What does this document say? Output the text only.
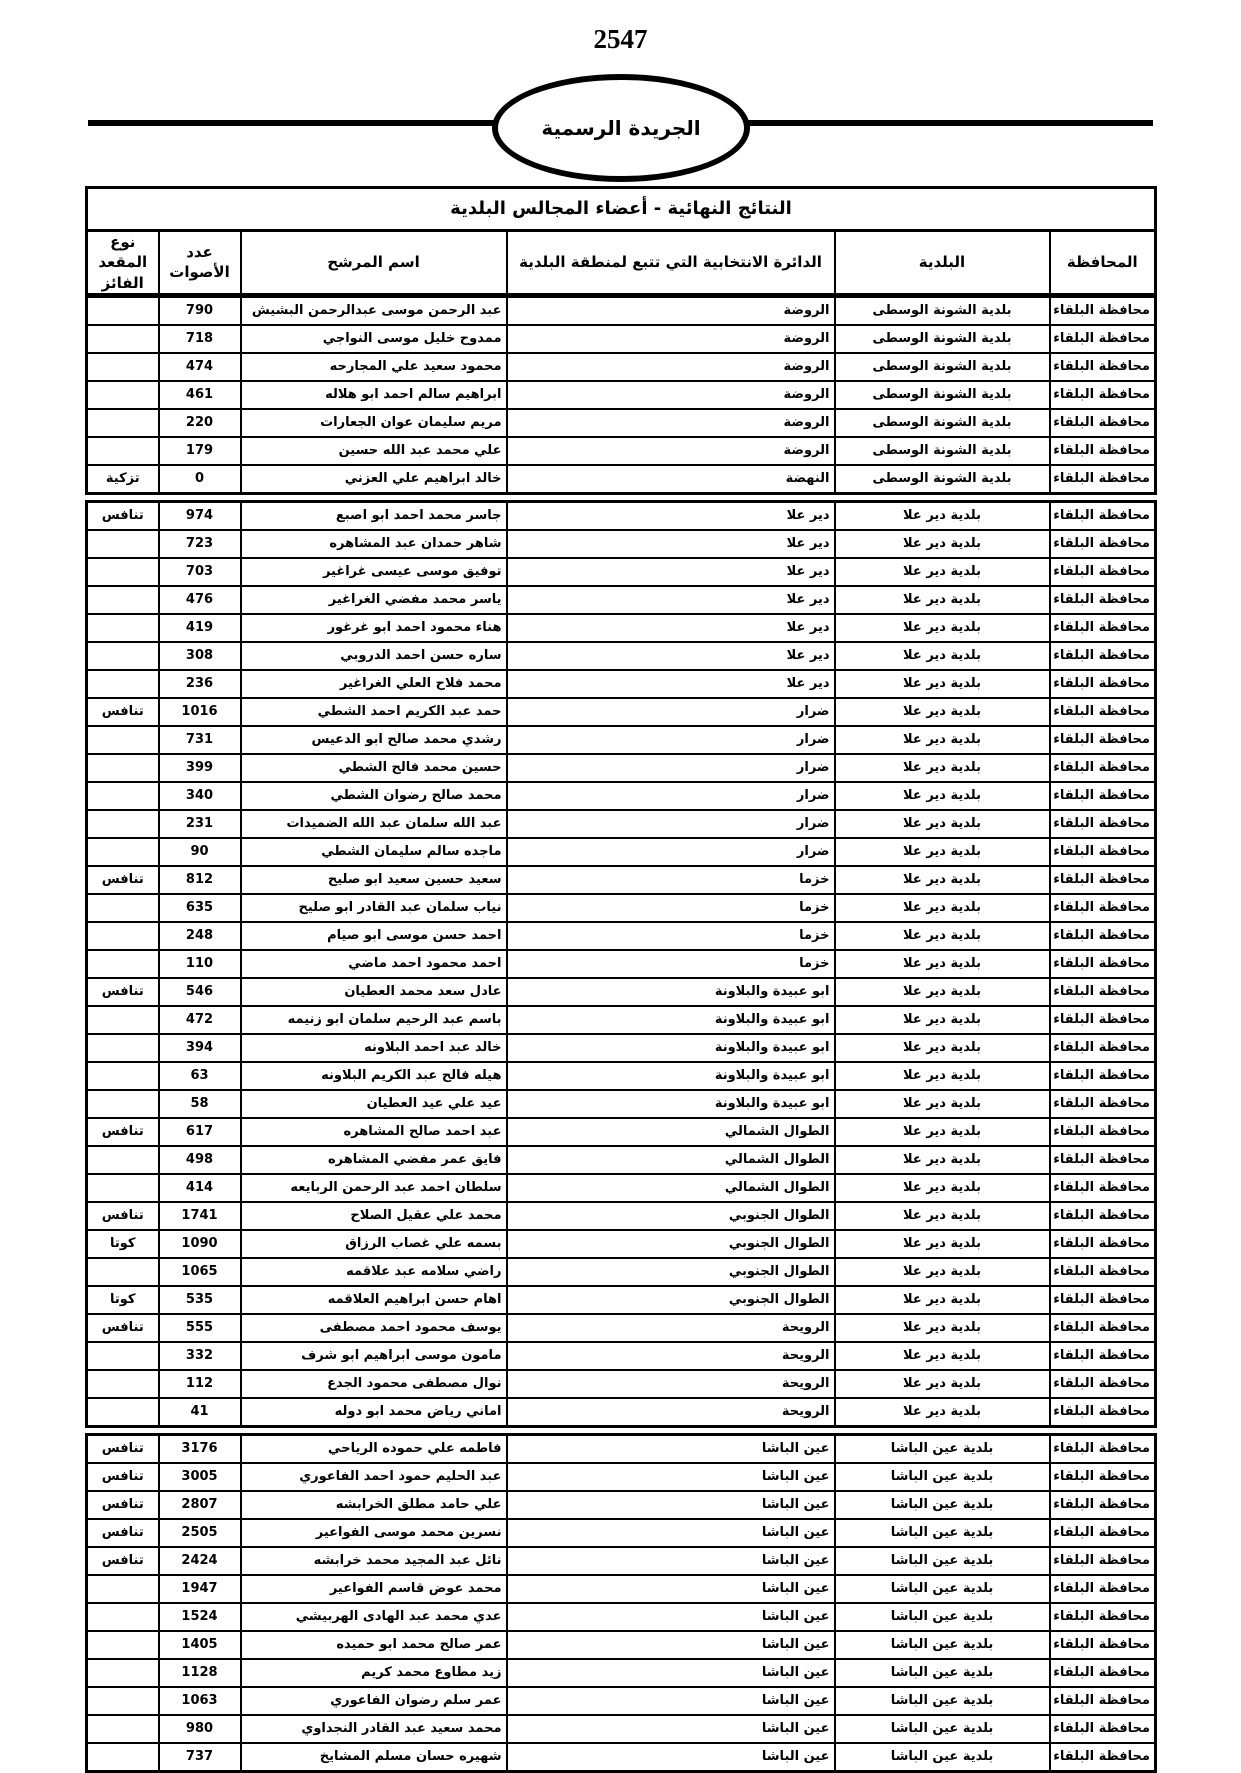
2547
الجريدة الرسمية
النتائج النهائية - أعضاء المجالس البلدية
المحافظة	البلدية	الدائرة الانتخابية التي تتبع لمنطقة البلدية	اسم المرشح	عدد الأصوات	نوع المقعد الفائز
محافظة البلقاء	بلدية الشونة الوسطى	الروضة	عبد الرحمن موسى عبدالرحمن البشيش	790	
محافظة البلقاء	بلدية الشونة الوسطى	الروضة	ممدوح خليل موسى النواجي	718	
محافظة البلقاء	بلدية الشونة الوسطى	الروضة	محمود سعيد علي المجارحه	474	
محافظة البلقاء	بلدية الشونة الوسطى	الروضة	ابراهيم سالم احمد ابو هلاله	461	
محافظة البلقاء	بلدية الشونة الوسطى	الروضة	مريم سليمان عوان الجعارات	220	
محافظة البلقاء	بلدية الشونة الوسطى	الروضة	علي محمد عبد الله حسين	179	
محافظة البلقاء	بلدية الشونة الوسطى	النهضة	خالد ابراهيم علي العزني	0	تزكية
محافظة البلقاء	بلدية دير علا	دير علا	جاسر محمد احمد ابو اصبع	974	تنافس
محافظة البلقاء	بلدية دير علا	دير علا	شاهر حمدان عبد المشاهره	723	
محافظة البلقاء	بلدية دير علا	دير علا	توفيق موسى عيسى غراغير	703	
محافظة البلقاء	بلدية دير علا	دير علا	ياسر محمد مفضي الغراغير	476	
محافظة البلقاء	بلدية دير علا	دير علا	هناء محمود احمد ابو غرغور	419	
محافظة البلقاء	بلدية دير علا	دير علا	ساره حسن احمد الدروبي	308	
محافظة البلقاء	بلدية دير علا	دير علا	محمد فلاح العلي الغراغير	236	
محافظة البلقاء	بلدية دير علا	ضرار	حمد عبد الكريم احمد الشطي	1016	تنافس
محافظة البلقاء	بلدية دير علا	ضرار	رشدي محمد صالح ابو الدعيس	731	
محافظة البلقاء	بلدية دير علا	ضرار	حسين محمد فالح الشطي	399	
محافظة البلقاء	بلدية دير علا	ضرار	محمد صالح رضوان الشطي	340	
محافظة البلقاء	بلدية دير علا	ضرار	عبد الله سلمان عبد الله الضميدات	231	
محافظة البلقاء	بلدية دير علا	ضرار	ماجده سالم سليمان الشطي	90	
محافظة البلقاء	بلدية دير علا	خزما	سعيد حسين سعيد ابو صليح	812	تنافس
محافظة البلقاء	بلدية دير علا	خزما	نياب سلمان عبد القادر ابو صليح	635	
محافظة البلقاء	بلدية دير علا	خزما	احمد حسن موسى ابو صيام	248	
محافظة البلقاء	بلدية دير علا	خزما	احمد محمود احمد ماضي	110	
محافظة البلقاء	بلدية دير علا	ابو عبيدة والبلاونة	عادل سعد محمد العطيان	546	تنافس
محافظة البلقاء	بلدية دير علا	ابو عبيدة والبلاونة	باسم عبد الرحيم سلمان ابو زنيمه	472	
محافظة البلقاء	بلدية دير علا	ابو عبيدة والبلاونة	خالد عبد احمد البلاونه	394	
محافظة البلقاء	بلدية دير علا	ابو عبيدة والبلاونة	هيله فالح عبد الكريم البلاونه	63	
محافظة البلقاء	بلدية دير علا	ابو عبيدة والبلاونة	عيد علي عيد العطيان	58	
محافظة البلقاء	بلدية دير علا	الطوال الشمالي	عبد احمد صالح المشاهره	617	تنافس
محافظة البلقاء	بلدية دير علا	الطوال الشمالي	فايق عمر مفضي المشاهره	498	
محافظة البلقاء	بلدية دير علا	الطوال الشمالي	سلطان احمد عبد الرحمن الربايعه	414	
محافظة البلقاء	بلدية دير علا	الطوال الجنوبي	محمد علي عقيل الصلاح	1741	تنافس
محافظة البلقاء	بلدية دير علا	الطوال الجنوبي	بسمه علي غصاب الرزاق	1090	كوتا
محافظة البلقاء	بلدية دير علا	الطوال الجنوبي	راضي سلامه عبد علاقمه	1065	
محافظة البلقاء	بلدية دير علا	الطوال الجنوبي	اهام حسن ابراهيم العلاقمه	535	كوتا
محافظة البلقاء	بلدية دير علا	الرويحة	يوسف محمود احمد مصطفى	555	تنافس
محافظة البلقاء	بلدية دير علا	الرويحة	مامون موسى ابراهيم ابو شرف	332	
محافظة البلقاء	بلدية دير علا	الرويحة	نوال مصطفى محمود الجدع	112	
محافظة البلقاء	بلدية دير علا	الرويحة	اماني رياض محمد ابو دوله	41	
محافظة البلقاء	بلدية عين الباشا	عين الباشا	فاطمه علي حموده الرياحي	3176	تنافس
محافظة البلقاء	بلدية عين الباشا	عين الباشا	عبد الحليم حمود احمد الفاعوري	3005	تنافس
محافظة البلقاء	بلدية عين الباشا	عين الباشا	علي حامد مطلق الخرابشه	2807	تنافس
محافظة البلقاء	بلدية عين الباشا	عين الباشا	نسرين محمد موسى الفواعير	2505	تنافس
محافظة البلقاء	بلدية عين الباشا	عين الباشا	نائل عبد المجيد محمد خرابشه	2424	تنافس
محافظة البلقاء	بلدية عين الباشا	عين الباشا	محمد عوض قاسم الفواعير	1947	
محافظة البلقاء	بلدية عين الباشا	عين الباشا	عدي محمد عبد الهادى الهربيشي	1524	
محافظة البلقاء	بلدية عين الباشا	عين الباشا	عمر صالح محمد ابو حميده	1405	
محافظة البلقاء	بلدية عين الباشا	عين الباشا	زيد مطاوع محمد كريم	1128	
محافظة البلقاء	بلدية عين الباشا	عين الباشا	عمر سلم رضوان الفاعوري	1063	
محافظة البلقاء	بلدية عين الباشا	عين الباشا	محمد سعيد عبد القادر النجداوي	980	
محافظة البلقاء	بلدية عين الباشا	عين الباشا	شهيره حسان مسلم المشايخ	737	
